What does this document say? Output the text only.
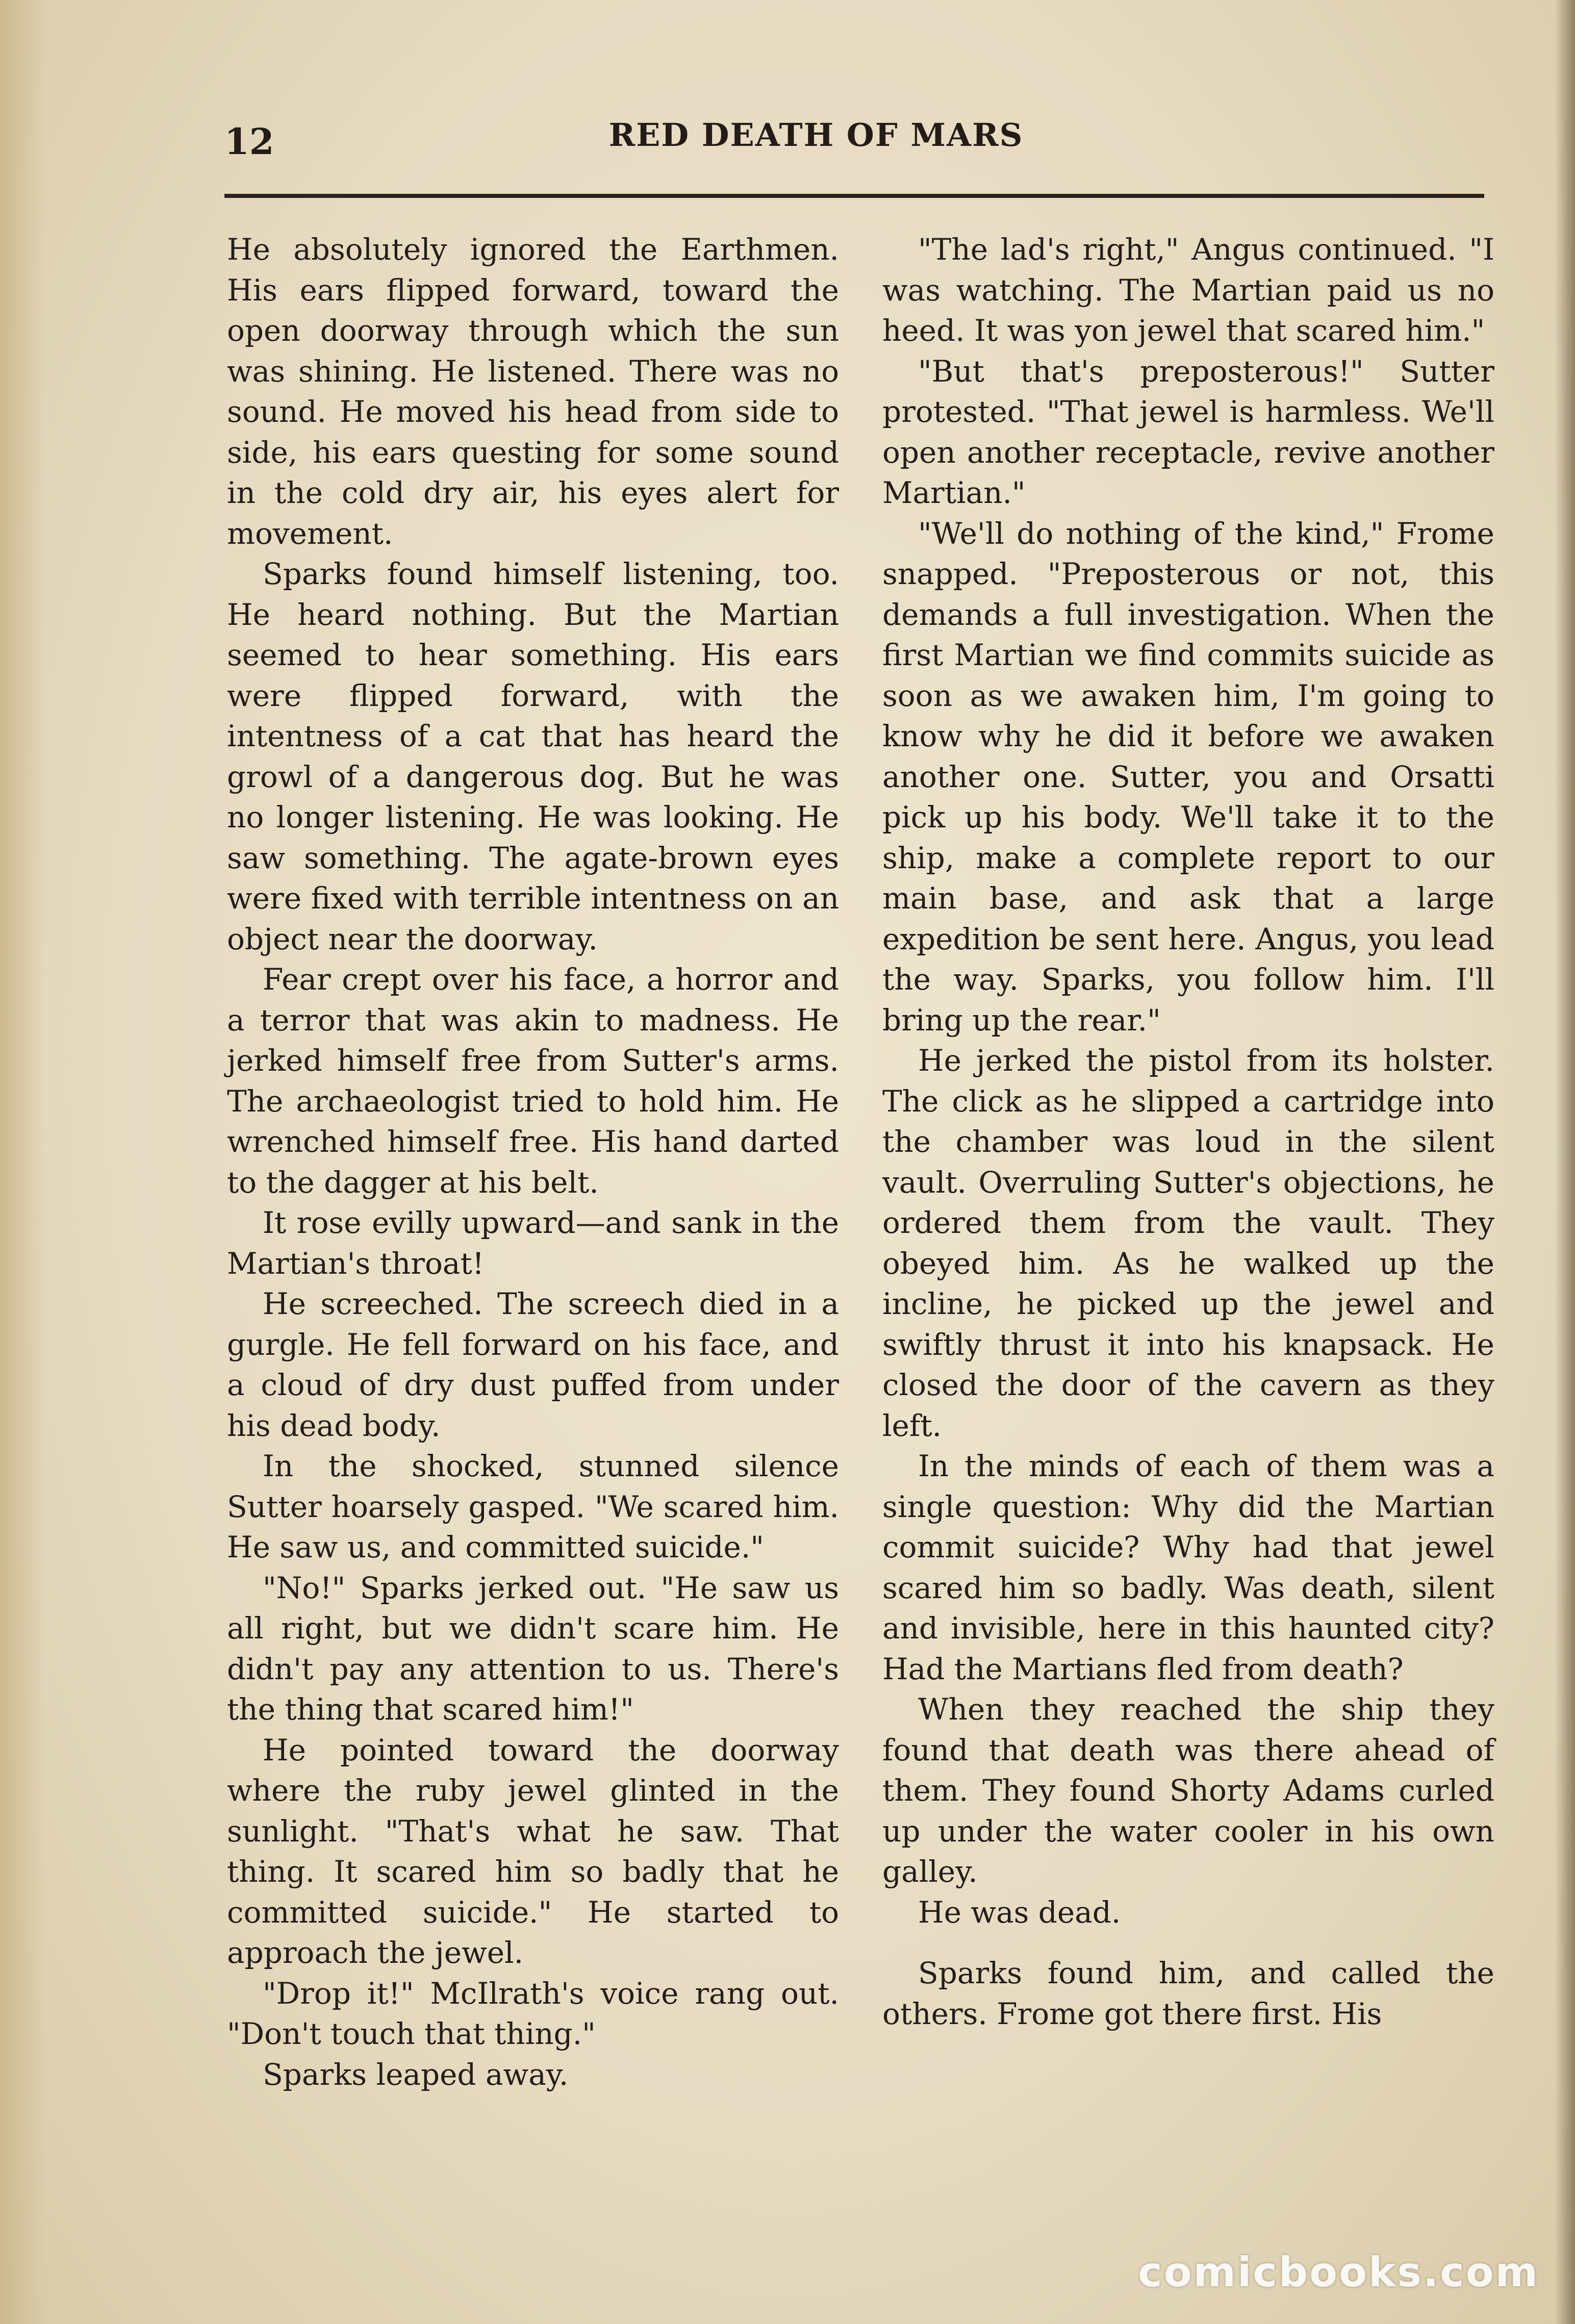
12	RED DEATH OF MARS

He absolutely ignored the Earthmen. His ears flipped forward, toward the open doorway through which the sun was shining. He listened. There was no sound. He moved his head from side to side, his ears questing for some sound in the cold dry air, his eyes alert for movement.

Sparks found himself listening, too. He heard nothing. But the Martian seemed to hear something. His ears were flipped forward, with the intentness of a cat that has heard the growl of a dangerous dog. But he was no longer listening. He was looking. He saw something. The agate-brown eyes were fixed with terrible intentness on an object near the doorway.

Fear crept over his face, a horror and a terror that was akin to madness. He jerked himself free from Sutter's arms. The archaeologist tried to hold him. He wrenched himself free. His hand darted to the dagger at his belt.

It rose evilly upward—and sank in the Martian's throat!

He screeched. The screech died in a gurgle. He fell forward on his face, and a cloud of dry dust puffed from under his dead body.

In the shocked, stunned silence Sutter hoarsely gasped. "We scared him. He saw us, and committed suicide."

"No!" Sparks jerked out. "He saw us all right, but we didn't scare him. He didn't pay any attention to us. There's the thing that scared him!"

He pointed toward the doorway where the ruby jewel glinted in the sunlight. "That's what he saw. That thing. It scared him so badly that he committed suicide." He started to approach the jewel.

"Drop it!" McIlrath's voice rang out. "Don't touch that thing."

Sparks leaped away.

"The lad's right," Angus continued. "I was watching. The Martian paid us no heed. It was yon jewel that scared him."

"But that's preposterous!" Sutter protested. "That jewel is harmless. We'll open another receptacle, revive another Martian."

"We'll do nothing of the kind," Frome snapped. "Preposterous or not, this demands a full investigation. When the first Martian we find commits suicide as soon as we awaken him, I'm going to know why he did it before we awaken another one. Sutter, you and Orsatti pick up his body. We'll take it to the ship, make a complete report to our main base, and ask that a large expedition be sent here. Angus, you lead the way. Sparks, you follow him. I'll bring up the rear."

He jerked the pistol from its holster. The click as he slipped a cartridge into the chamber was loud in the silent vault. Overruling Sutter's objections, he ordered them from the vault. They obeyed him. As he walked up the incline, he picked up the jewel and swiftly thrust it into his knapsack. He closed the door of the cavern as they left.

In the minds of each of them was a single question: Why did the Martian commit suicide? Why had that jewel scared him so badly. Was death, silent and invisible, here in this haunted city? Had the Martians fled from death?

When they reached the ship they found that death was there ahead of them. They found Shorty Adams curled up under the water cooler in his own galley.

He was dead.

Sparks found him, and called the others. Frome got there first. His

comicbooks.com
